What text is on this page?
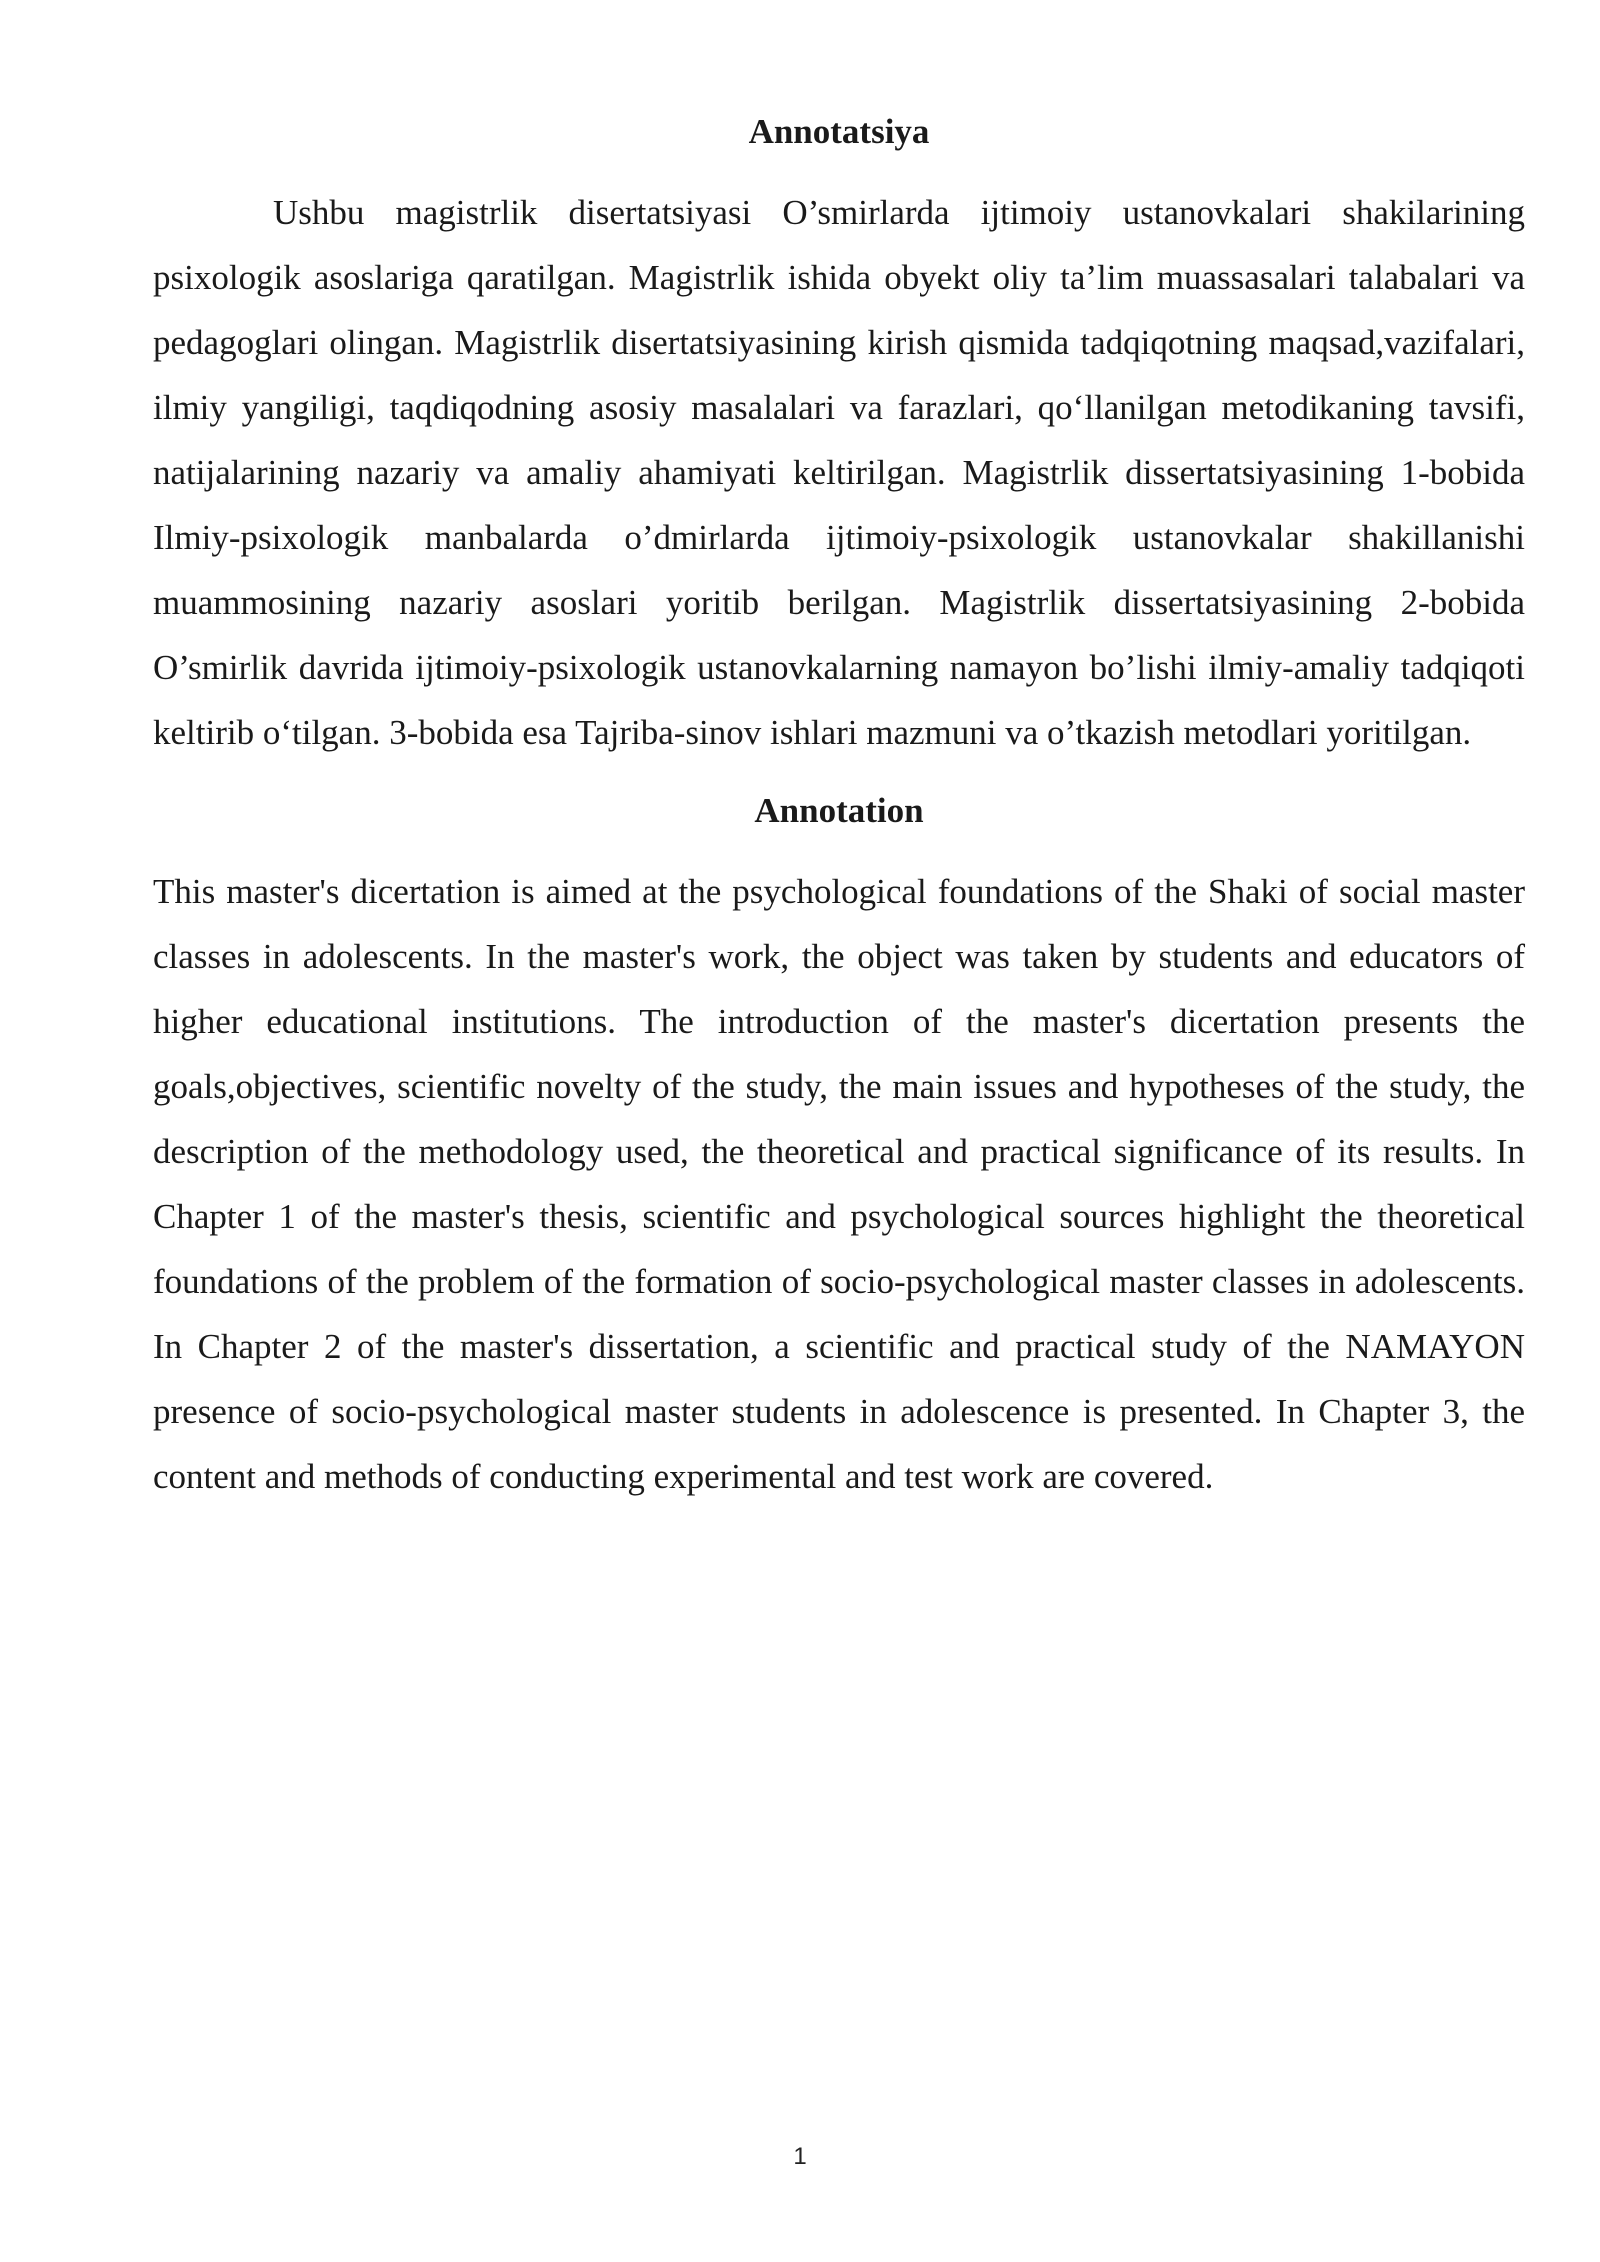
Annotatsiya

Ushbu magistrlik disertatsiyasi O’smirlarda ijtimoiy ustanovkalari shakilarining psixologik asoslariga qaratilgan. Magistrlik ishida obyekt oliy ta’lim muassasalari talabalari va pedagoglari olingan. Magistrlik disertatsiyasining kirish qismida tadqiqotning maqsad,vazifalari, ilmiy yangiligi, taqdiqodning asosiy masalalari va farazlari, qo‘llanilgan metodikaning tavsifi, natijalarining nazariy va amaliy ahamiyati keltirilgan. Magistrlik dissertatsiyasining 1-bobida Ilmiy-psixologik manbalarda o’dmirlarda ijtimoiy-psixologik ustanovkalar shakillanishi muammosining nazariy asoslari yoritib berilgan. Magistrlik dissertatsiyasining 2-bobida O’smirlik davrida ijtimoiy-psixologik ustanovkalarning namayon bo’lishi ilmiy-amaliy tadqiqoti keltirib o‘tilgan. 3-bobida esa Tajriba-sinov ishlari mazmuni va o’tkazish metodlari yoritilgan.

Annotation

This master's dicertation is aimed at the psychological foundations of the Shaki of social master classes in adolescents. In the master's work, the object was taken by students and educators of higher educational institutions. The introduction of the master's dicertation presents the goals,objectives, scientific novelty of the study, the main issues and hypotheses of the study, the description of the methodology used, the theoretical and practical significance of its results. In Chapter 1 of the master's thesis, scientific and psychological sources highlight the theoretical foundations of the problem of the formation of socio-psychological master classes in adolescents. In Chapter 2 of the master's dissertation, a scientific and practical study of the NAMAYON presence of socio-psychological master students in adolescence is presented. In Chapter 3, the content and methods of conducting experimental and test work are covered.

1
